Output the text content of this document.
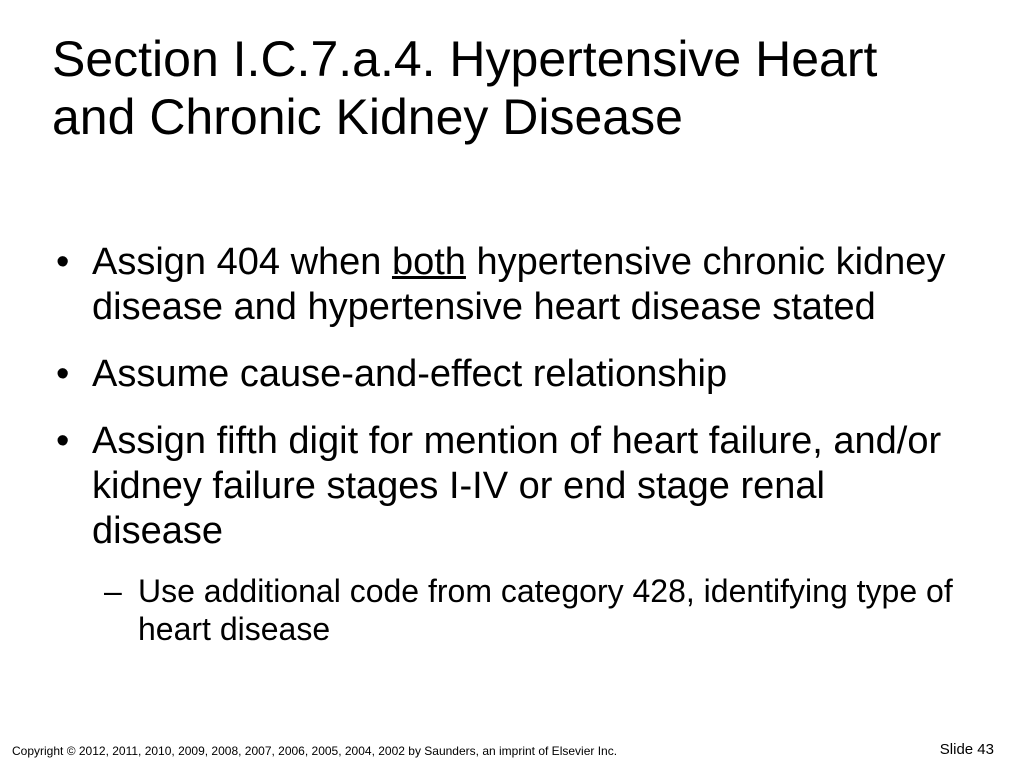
Section I.C.7.a.4. Hypertensive Heart and Chronic Kidney Disease
• Assign 404 when both hypertensive chronic kidney disease and hypertensive heart disease stated
• Assume cause-and-effect relationship
• Assign fifth digit for mention of heart failure, and/or kidney failure stages I-IV or end stage renal disease
– Use additional code from category 428, identifying type of heart disease
Copyright © 2012, 2011, 2010, 2009, 2008, 2007, 2006, 2005, 2004, 2002 by Saunders, an imprint of Elsevier Inc.	Slide 43
